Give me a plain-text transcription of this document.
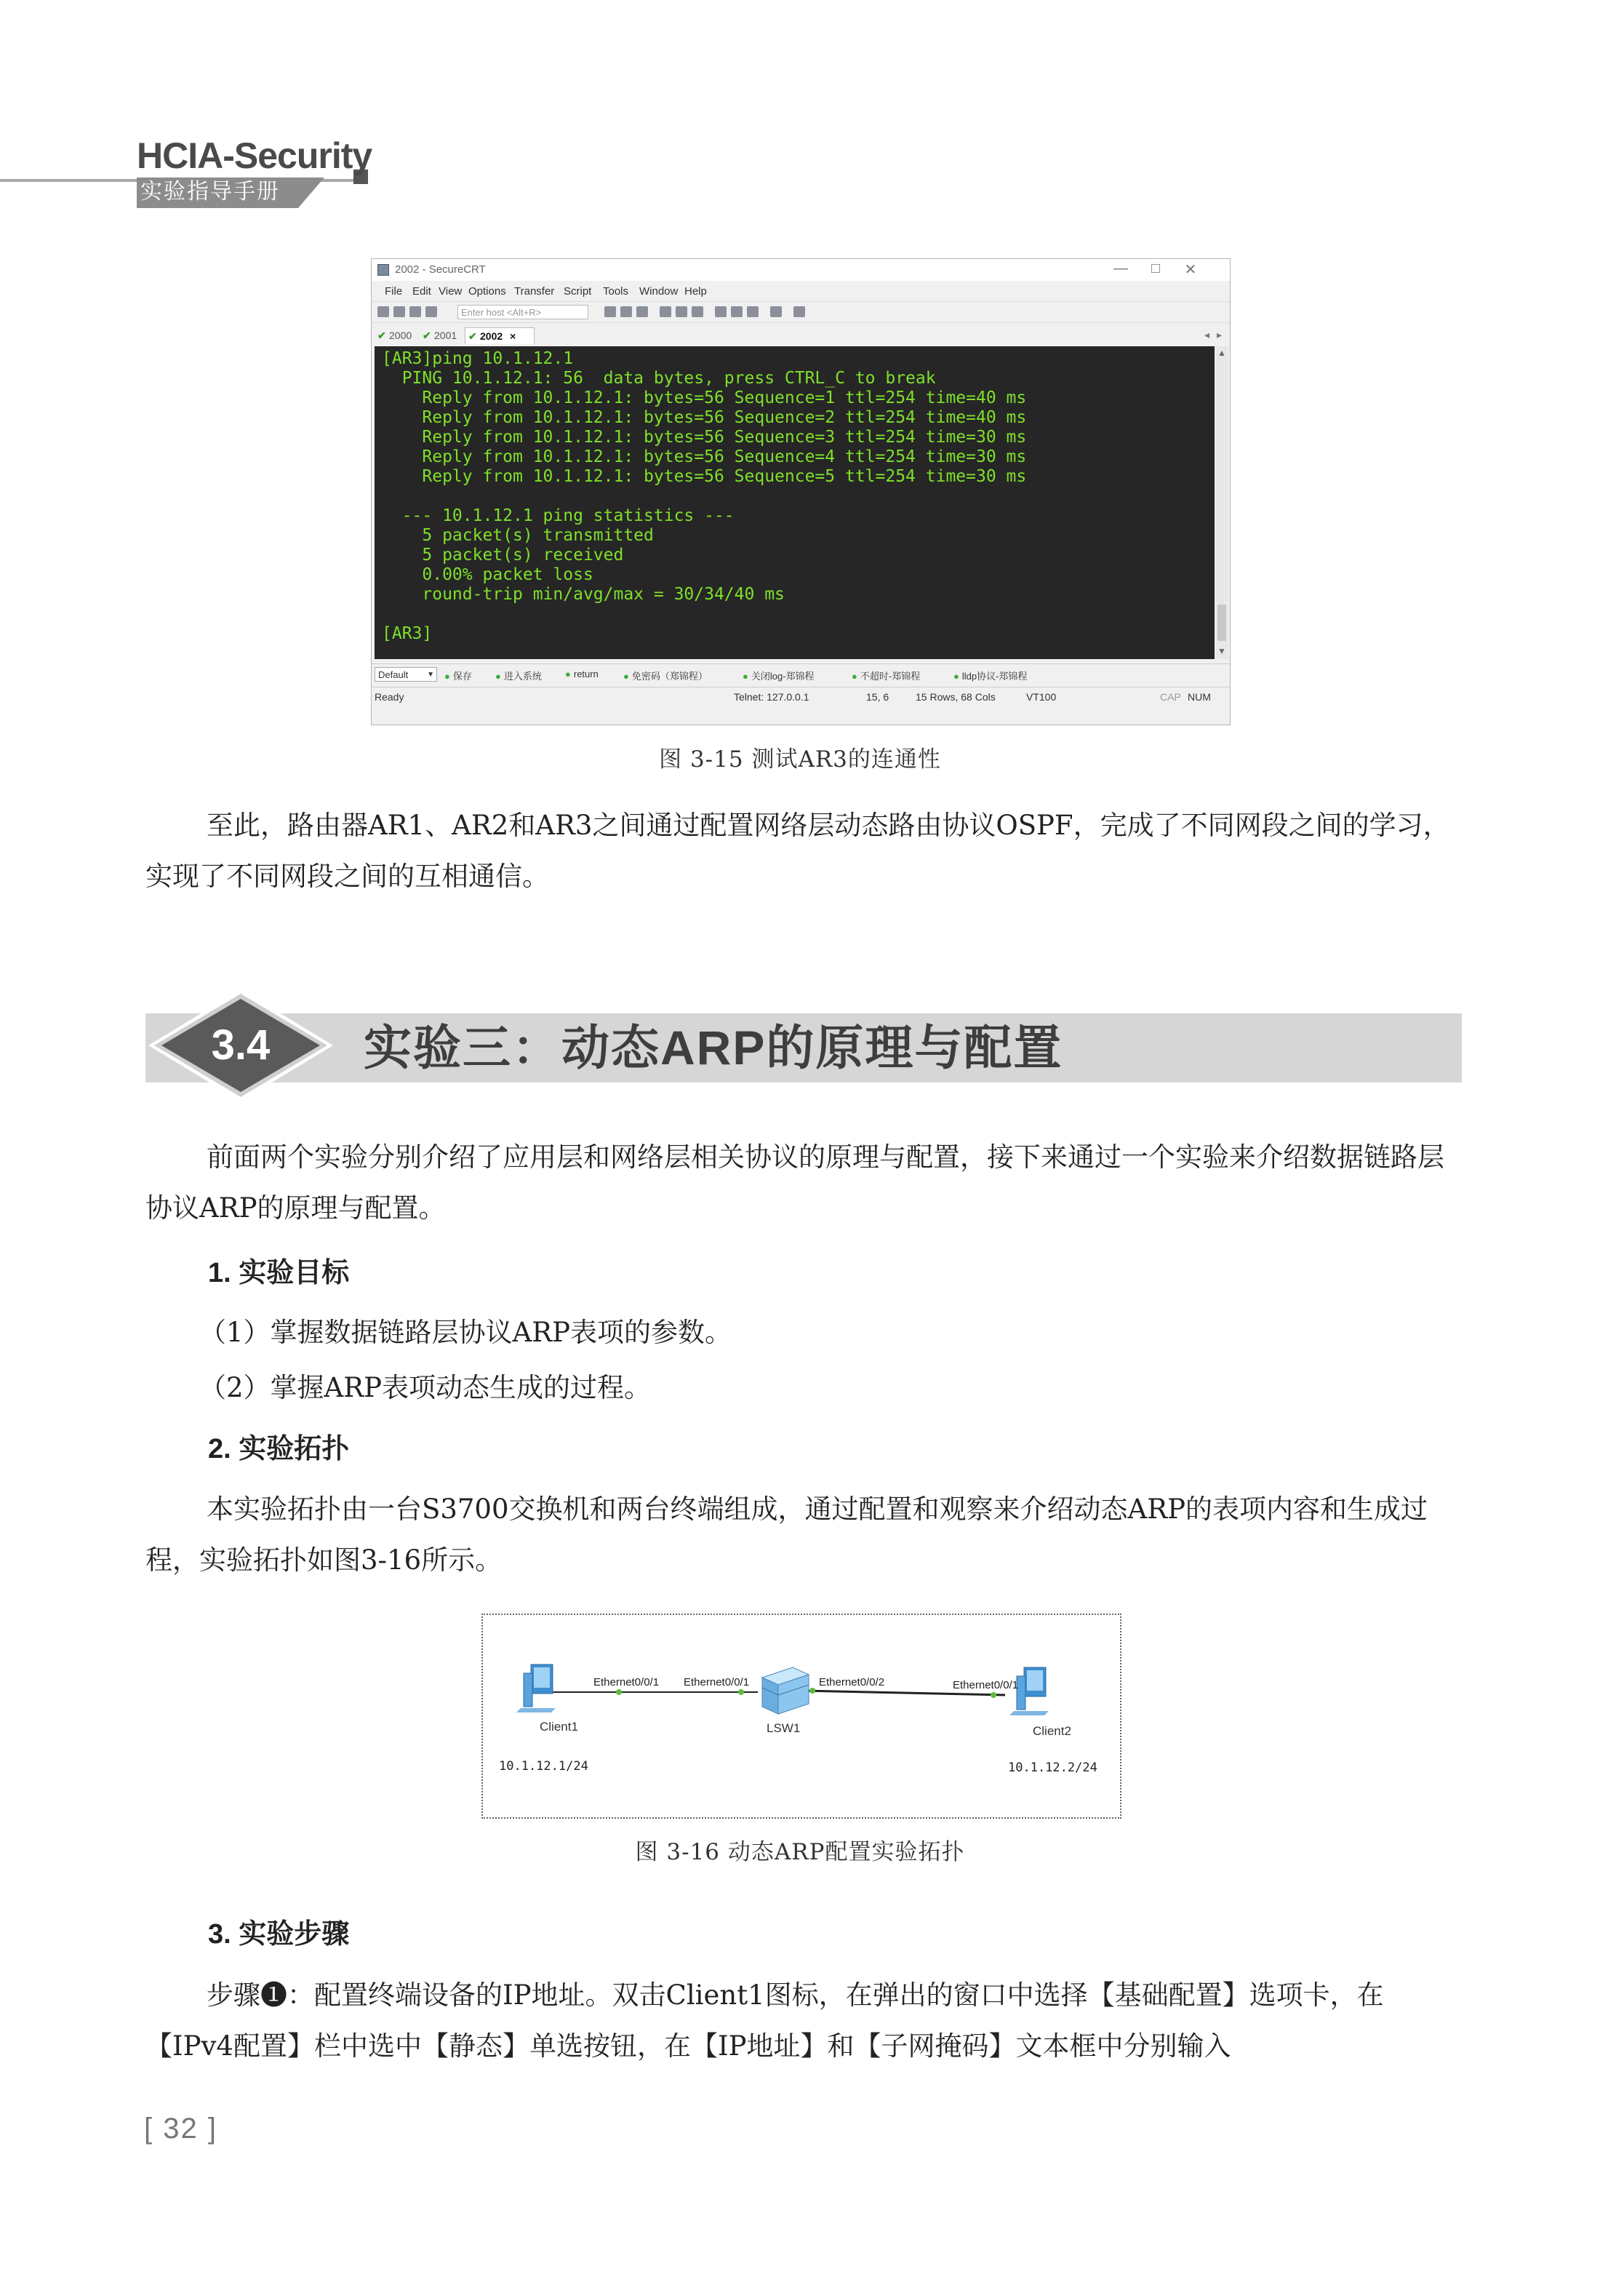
HCIA-Security
实验指导手册
2002 - SecureCRT	—	□	✕
File Edit View Options Transfer Script Tools Window Help
Enter host <Alt+R>
✔ 2000	✔ 2001	✔ 2002 ×	◂ ▸
[AR3]ping 10.1.12.1
PING 10.1.12.1: 56  data bytes, press CTRL_C to break
Reply from 10.1.12.1: bytes=56 Sequence=1 ttl=254 time=40 ms
Reply from 10.1.12.1: bytes=56 Sequence=2 ttl=254 time=40 ms
Reply from 10.1.12.1: bytes=56 Sequence=3 ttl=254 time=30 ms
Reply from 10.1.12.1: bytes=56 Sequence=4 ttl=254 time=30 ms
Reply from 10.1.12.1: bytes=56 Sequence=5 ttl=254 time=30 ms

--- 10.1.12.1 ping statistics ---
5 packet(s) transmitted
5 packet(s) received
0.00% packet loss
round-trip min/avg/max = 30/34/40 ms

[AR3]
▲
▼
Default	▼	● 保存	● 进入系统	● return	● 免密码（郑锦程）	● 关闭log-郑锦程	● 不超时-郑锦程	● lldp协议-郑锦程
Ready	Telnet: 127.0.0.1	15, 6	15 Rows, 68 Cols	VT100	CAP NUM
图 3-15 测试AR3的连通性
至此，路由器AR1、AR2和AR3之间通过配置网络层动态路由协议OSPF，完成了不同网段之间的学习，实现了不同网段之间的互相通信。
3.4	实验三：动态ARP的原理与配置
前面两个实验分别介绍了应用层和网络层相关协议的原理与配置，接下来通过一个实验来介绍数据链路层协议ARP的原理与配置。
1. 实验目标
（1）掌握数据链路层协议ARP表项的参数。
（2）掌握ARP表项动态生成的过程。
2. 实验拓扑
本实验拓扑由一台S3700交换机和两台终端组成，通过配置和观察来介绍动态ARP的表项内容和生成过程，实验拓扑如图3-16所示。
Ethernet0/0/1 Ethernet0/0/1	Ethernet0/0/2	Ethernet0/0/1
Client1	LSW1	Client2
10.1.12.1/24	10.1.12.2/24
图 3-16 动态ARP配置实验拓扑
3. 实验步骤
步骤❶：配置终端设备的IP地址。双击Client1图标，在弹出的窗口中选择【基础配置】选项卡，在【IPv4配置】栏中选中【静态】单选按钮，在【IP地址】和【子网掩码】文本框中分别输入
[ 32 ]
